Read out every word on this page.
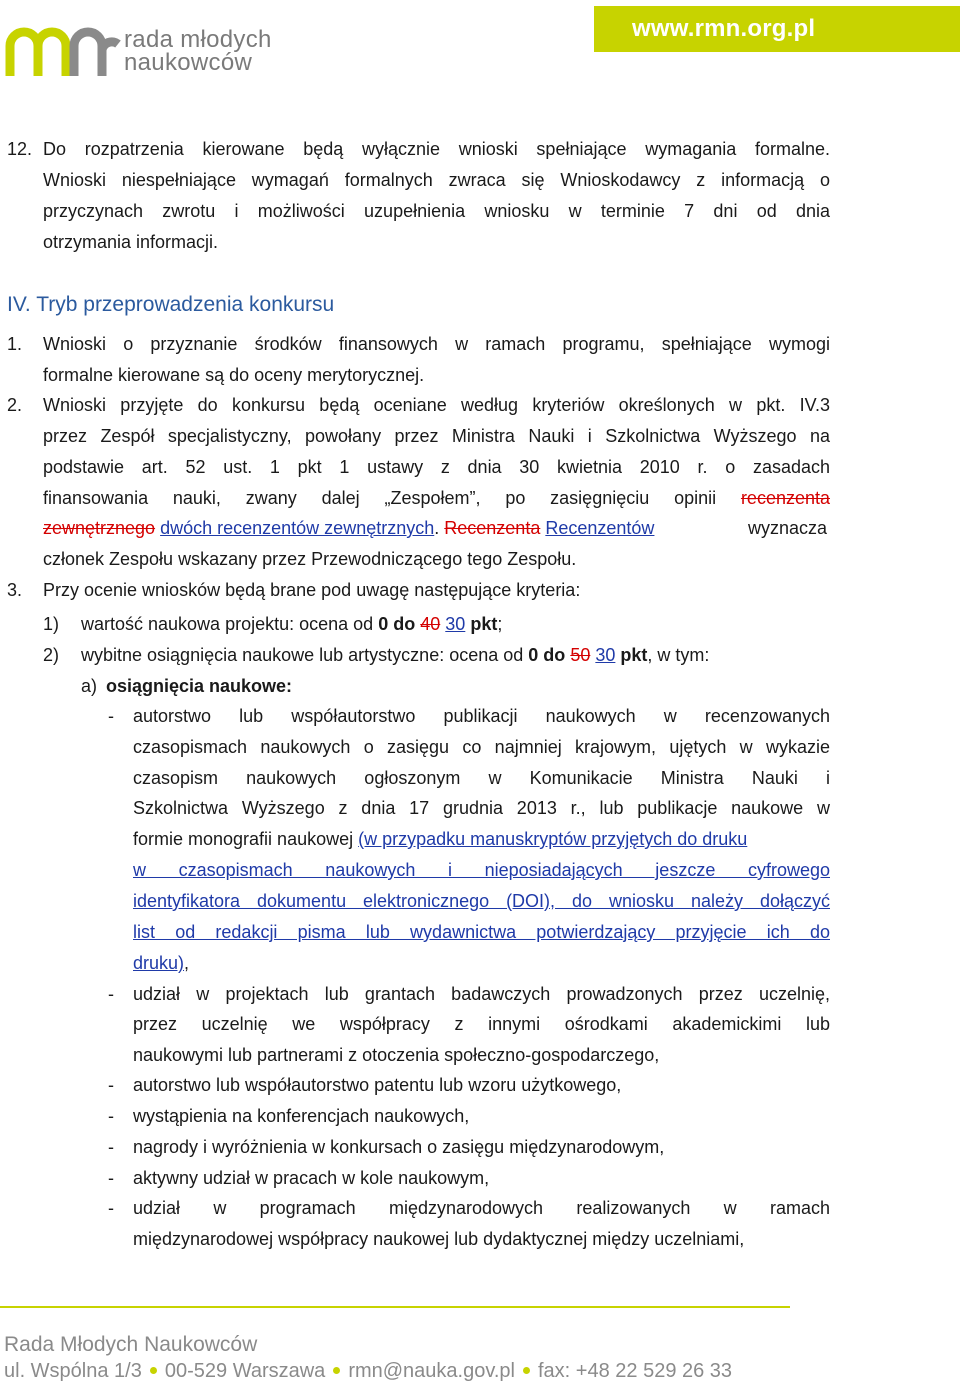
rada młodych
naukowców
www.rmn.org.pl
12. Do rozpatrzenia kierowane będą wyłącznie wnioski spełniające wymagania formalne.
Wnioski niespełniające wymagań formalnych zwraca się Wnioskodawcy z informacją o
przyczynach zwrotu i możliwości uzupełnienia wniosku w terminie 7 dni od dnia
otrzymania informacji.
IV. Tryb przeprowadzenia konkursu
1. Wnioski o przyznanie środków finansowych w ramach programu, spełniające wymogi
formalne kierowane są do oceny merytorycznej.
2. Wnioski przyjęte do konkursu będą oceniane według kryteriów określonych w pkt. IV.3
przez Zespół specjalistyczny, powołany przez Ministra Nauki i Szkolnictwa Wyższego na
podstawie art. 52 ust. 1 pkt 1 ustawy z dnia 30 kwietnia 2010 r. o zasadach
finansowania nauki, zwany dalej „Zespołem”, po zasięgnięciu opinii recenzenta
zewnętrznego dwóch recenzentów zewnętrznych. Recenzenta Recenzentów	wyznacza
członek Zespołu wskazany przez Przewodniczącego tego Zespołu.
3. Przy ocenie wniosków będą brane pod uwagę następujące kryteria:
1) wartość naukowa projektu: ocena od 0 do 40 30 pkt;
2) wybitne osiągnięcia naukowe lub artystyczne: ocena od 0 do 50 30 pkt, w tym:
a) osiągnięcia naukowe:
- autorstwo lub współautorstwo publikacji naukowych w recenzowanych
czasopismach naukowych o zasięgu co najmniej krajowym, ujętych w wykazie
czasopism naukowych ogłoszonym w Komunikacie Ministra Nauki i
Szkolnictwa Wyższego z dnia 17 grudnia 2013 r., lub publikacje naukowe w
formie monografii naukowej (w przypadku manuskryptów przyjętych do druku
w czasopismach naukowych i nieposiadających jeszcze cyfrowego
identyfikatora dokumentu elektronicznego (DOI), do wniosku należy dołączyć
list od redakcji pisma lub wydawnictwa potwierdzający przyjęcie ich do
druku),
- udział w projektach lub grantach badawczych prowadzonych przez uczelnię,
przez uczelnię we współpracy z innymi ośrodkami akademickimi lub
naukowymi lub partnerami z otoczenia społeczno-gospodarczego,
- autorstwo lub współautorstwo patentu lub wzoru użytkowego,
- wystąpienia na konferencjach naukowych,
- nagrody i wyróżnienia w konkursach o zasięgu międzynarodowym,
- aktywny udział w pracach w kole naukowym,
- udział w programach międzynarodowych realizowanych w ramach
międzynarodowej współpracy naukowej lub dydaktycznej między uczelniami,
Rada Młodych Naukowców
ul. Wspólna 1/3 00-529 Warszawa rmn@nauka.gov.pl fax: +48 22 529 26 33
